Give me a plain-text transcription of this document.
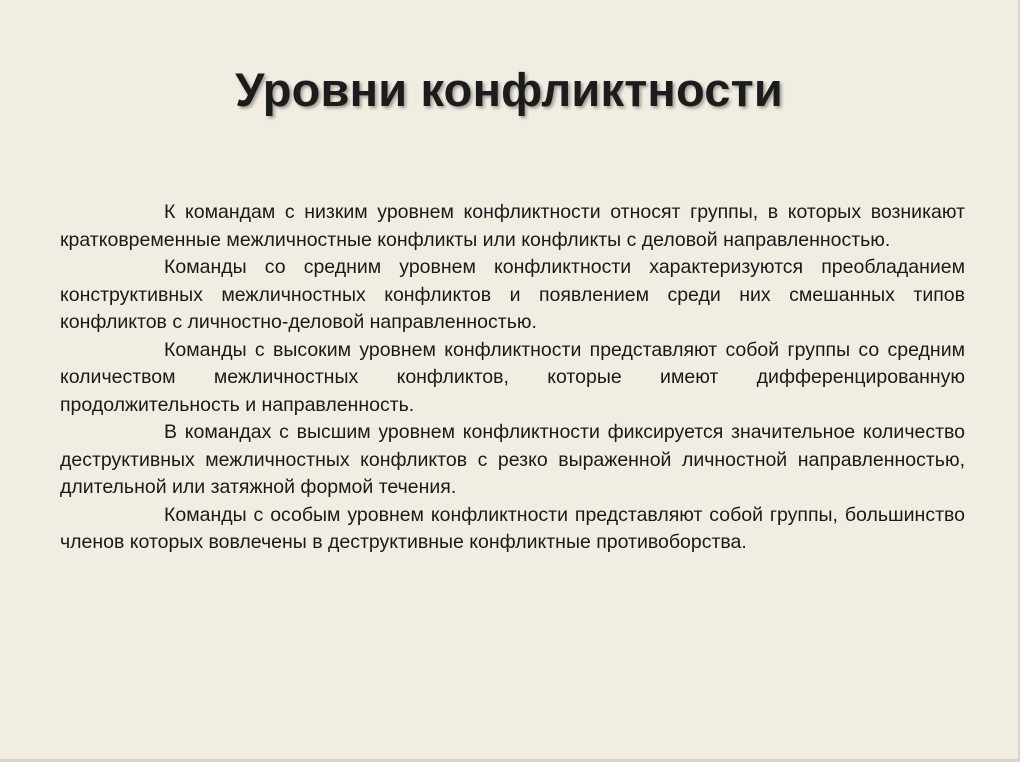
Уровни конфликтности

К командам с низким уровнем конфликтности относят группы, в которых возникают кратковременные межличностные конфликты или конфликты с деловой направленностью.

Команды со средним уровнем конфликтности характеризуются преобладанием конструктивных межличностных конфликтов и появлением среди них смешанных типов конфликтов с личностно-деловой направленностью.

Команды с высоким уровнем конфликтности представляют собой группы со средним количеством межличностных конфликтов, которые имеют дифференцированную продолжительность и направленность.

В командах с высшим уровнем конфликтности фиксируется значительное количество деструктивных межличностных конфликтов с резко выраженной личностной направленностью, длительной или затяжной формой течения.

Команды с особым уровнем конфликтности представляют собой группы, большинство членов которых вовлечены в деструктивные конфликтные противоборства.
